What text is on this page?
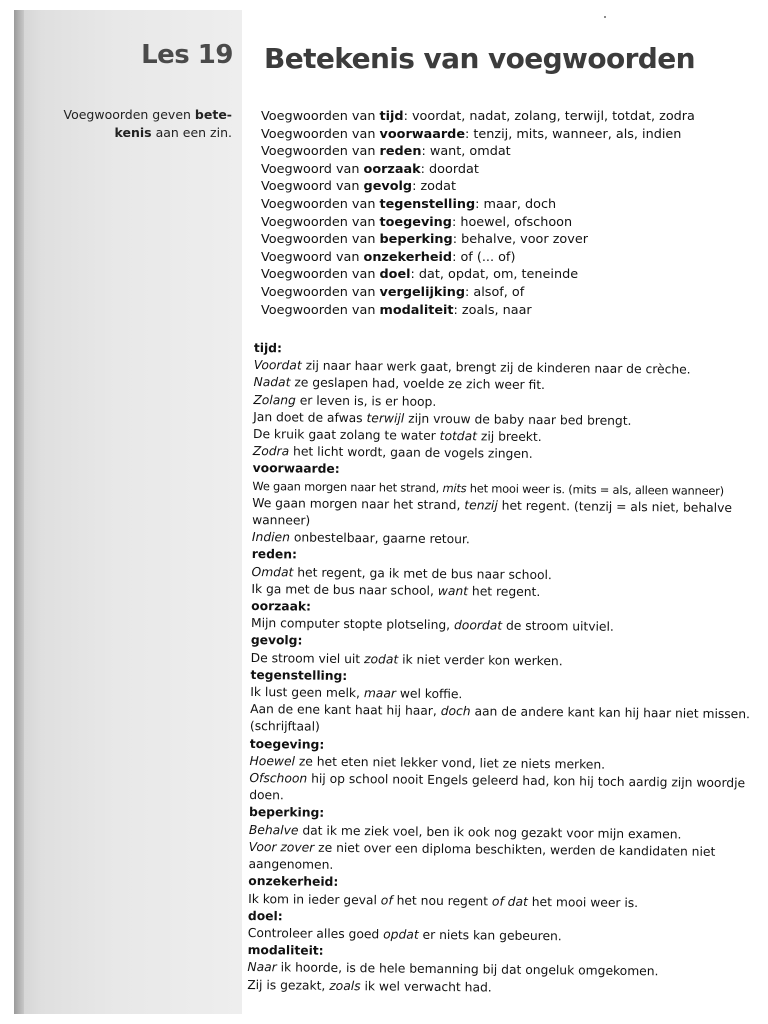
Les 19 Betekenis van voegwoorden
Voegwoorden geven bete-
kenis aan een zin.
Voegwoorden van tijd: voordat, nadat, zolang, terwijl, totdat, zodra
Voegwoorden van voorwaarde: tenzij, mits, wanneer, als, indien
Voegwoorden van reden: want, omdat
Voegwoord van oorzaak: doordat
Voegwoord van gevolg: zodat
Voegwoorden van tegenstelling: maar, doch
Voegwoorden van toegeving: hoewel, ofschoon
Voegwoorden van beperking: behalve, voor zover
Voegwoord van onzekerheid: of (... of)
Voegwoorden van doel: dat, opdat, om, teneinde
Voegwoorden van vergelijking: alsof, of
Voegwoorden van modaliteit: zoals, naar
tijd:
Voordat zij naar haar werk gaat, brengt zij de kinderen naar de crèche.
Nadat ze geslapen had, voelde ze zich weer fit.
Zolang er leven is, is er hoop.
Jan doet de afwas terwijl zijn vrouw de baby naar bed brengt.
De kruik gaat zolang te water totdat zij breekt.
Zodra het licht wordt, gaan de vogels zingen.
voorwaarde:
We gaan morgen naar het strand, mits het mooi weer is. (mits = als, alleen wanneer)
We gaan morgen naar het strand, tenzij het regent. (tenzij = als niet, behalve wanneer)
Indien onbestelbaar, gaarne retour.
reden:
Omdat het regent, ga ik met de bus naar school.
Ik ga met de bus naar school, want het regent.
oorzaak:
Mijn computer stopte plotseling, doordat de stroom uitviel.
gevolg:
De stroom viel uit zodat ik niet verder kon werken.
tegenstelling:
Ik lust geen melk, maar wel koffie.
Aan de ene kant haat hij haar, doch aan de andere kant kan hij haar niet missen. (schrijftaal)
toegeving:
Hoewel ze het eten niet lekker vond, liet ze niets merken.
Ofschoon hij op school nooit Engels geleerd had, kon hij toch aardig zijn woordje doen.
beperking:
Behalve dat ik me ziek voel, ben ik ook nog gezakt voor mijn examen.
Voor zover ze niet over een diploma beschikten, werden de kandidaten niet aangenomen.
onzekerheid:
Ik kom in ieder geval of het nou regent of dat het mooi weer is.
doel:
Controleer alles goed opdat er niets kan gebeuren.
modaliteit:
Naar ik hoorde, is de hele bemanning bij dat ongeluk omgekomen.
Zij is gezakt, zoals ik wel verwacht had.
